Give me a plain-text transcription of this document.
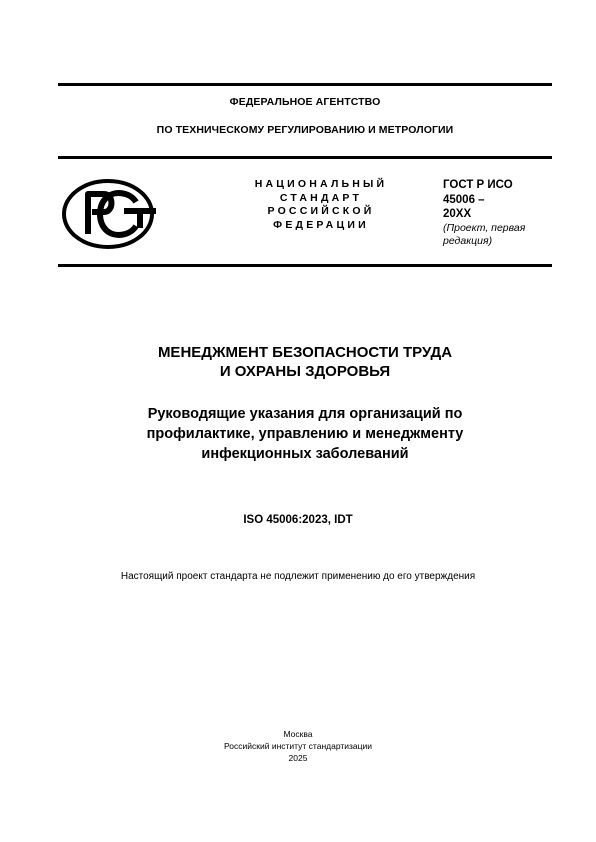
ФЕДЕРАЛЬНОЕ АГЕНТСТВО
ПО ТЕХНИЧЕСКОМУ РЕГУЛИРОВАНИЮ И МЕТРОЛОГИИ
НАЦИОНАЛЬНЫЙ
СТАНДАРТ
РОССИЙСКОЙ
ФЕДЕРАЦИИ
ГОСТ Р ИСО
45006 –
20ХХ
(Проект, первая
редакция)
МЕНЕДЖМЕНТ БЕЗОПАСНОСТИ ТРУДА
И ОХРАНЫ ЗДОРОВЬЯ
Руководящие указания для организаций по
профилактике, управлению и менеджменту
инфекционных заболеваний
ISO 45006:2023, IDT
Настоящий проект стандарта не подлежит применению до его утверждения
Москва
Российский институт стандартизации
2025
